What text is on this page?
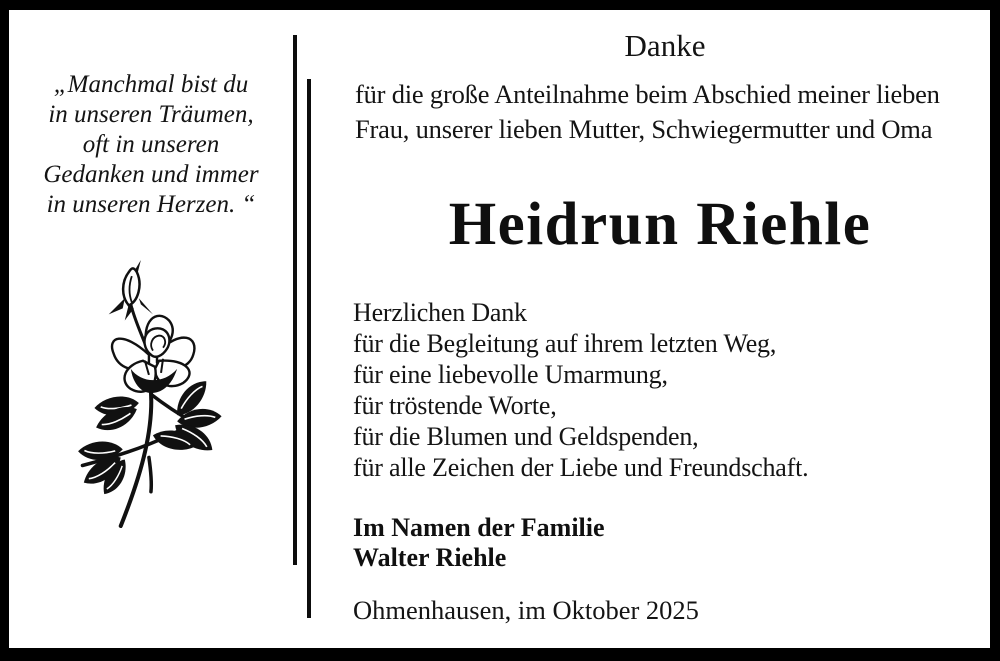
„Manchmal bist du
in unseren Träumen,
oft in unseren
Gedanken und immer
in unseren Herzen. “
Danke
für die große Anteilnahme beim Abschied meiner lieben
Frau, unserer lieben Mutter, Schwiegermutter und Oma
Heidrun Riehle
Herzlichen Dank
für die Begleitung auf ihrem letzten Weg,
für eine liebevolle Umarmung,
für tröstende Worte,
für die Blumen und Geldspenden,
für alle Zeichen der Liebe und Freundschaft.
Im Namen der Familie
Walter Riehle
Ohmenhausen, im Oktober 2025
